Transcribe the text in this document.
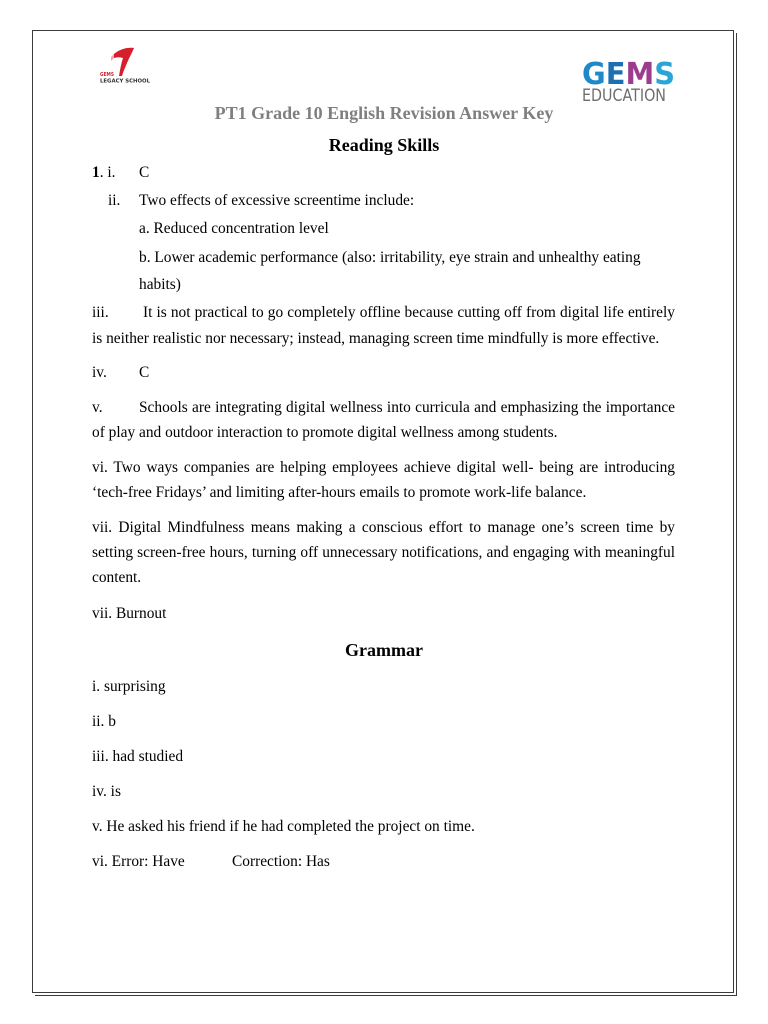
GEMS
LEGACY SCHOOL	GEMS
EDUCATION
PT1 Grade 10 English Revision Answer Key
Reading Skills
1. i. C
ii. Two effects of excessive screentime include:
a. Reduced concentration level
b. Lower academic performance (also: irritability, eye strain and unhealthy eating
habits)
iii. It is not practical to go completely offline because cutting off from digital life entirely
is neither realistic nor necessary; instead, managing screen time mindfully is more effective.
iv. C
v. Schools are integrating digital wellness into curricula and emphasizing the importance
of play and outdoor interaction to promote digital wellness among students.
vi. Two ways companies are helping employees achieve digital well- being are introducing
‘tech-free Fridays’ and limiting after-hours emails to promote work-life balance.
vii. Digital Mindfulness means making a conscious effort to manage one’s screen time by
setting screen-free hours, turning off unnecessary notifications, and engaging with meaningful
content.
vii. Burnout
Grammar
i. surprising
ii. b
iii. had studied
iv. is
v. He asked his friend if he had completed the project on time.
vi. Error: Have	Correction: Has
